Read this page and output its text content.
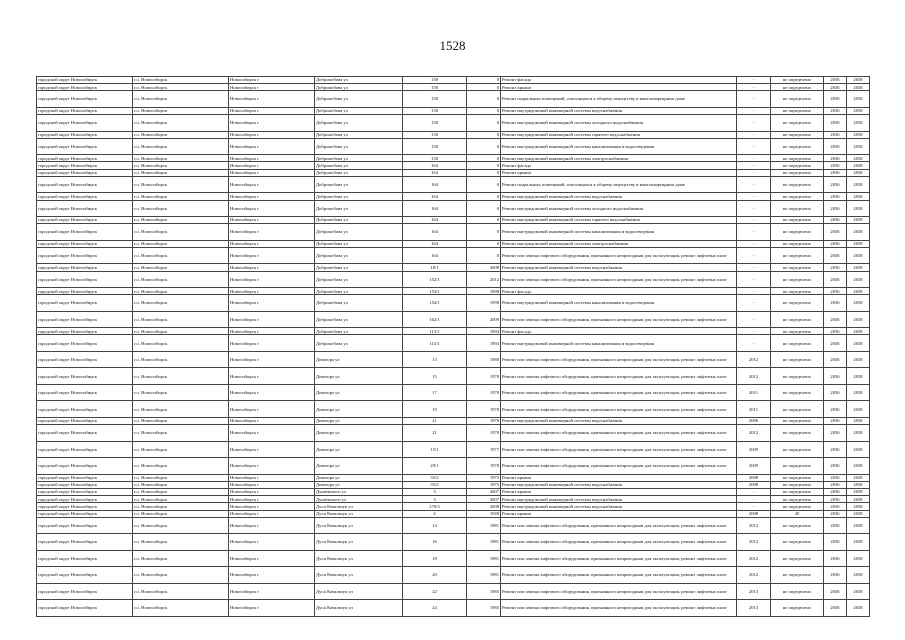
1528
городской округ Новосибирск	г.о. Новосибирск	Новосибирск г	Добромобова ул	158	0	Ремонт фасада	-	не определено	2036	2038
городской округ Новосибирск	г.о. Новосибирск	Новосибирск г	Добромобова ул	158	0	Ремонт крыши	-	не определено	2036	2038
городской округ Новосибирск	г.о. Новосибирск	Новосибирск г	Добромобова ул	158	0	Ремонт подвальных помещений, относящихся к общему имуществу в многоквартирном доме	-	не определено	2036	2038
городской округ Новосибирск	г.о. Новосибирск	Новосибирск г	Добромобова ул	158	0	Ремонт внутридомовой инженерной системы водоснабжения	-	не определено	2036	2038
городской округ Новосибирск	г.о. Новосибирск	Новосибирск г	Добромобова ул	158	0	Ремонт внутридомовой инженерной системы холодного водоснабжения	-	не определено	2036	2038
городской округ Новосибирск	г.о. Новосибирск	Новосибирск г	Добромобова ул	158	0	Ремонт внутридомовой инженерной системы горячего водоснабжения	-	не определено	2036	2038
городской округ Новосибирск	г.о. Новосибирск	Новосибирск г	Добромобова ул	158	0	Ремонт внутридомовой инженерной системы канализования и водоотведения	-	не определено	2036	2038
городской округ Новосибирск	г.о. Новосибирск	Новосибирск г	Добромобова ул	158	0	Ремонт внутридомовой инженерной системы электроснабжения	-	не определено	2036	2038
городской округ Новосибирск	г.о. Новосибирск	Новосибирск г	Добромобова ул	164	0	Ремонт фасада	-	не определено	2036	2038
городской округ Новосибирск	г.о. Новосибирск	Новосибирск г	Добромобова ул	164	0	Ремонт крыши	-	не определено	2036	2038
городской округ Новосибирск	г.о. Новосибирск	Новосибирск г	Добромобова ул	164	0	Ремонт подвальных помещений, относящихся к общему имуществу в многоквартирном доме	-	не определено	2036	2038
городской округ Новосибирск	г.о. Новосибирск	Новосибирск г	Добромобова ул	164	0	Ремонт внутридомовой инженерной системы водоснабжения	-	не определено	2036	2038
городской округ Новосибирск	г.о. Новосибирск	Новосибирск г	Добромобова ул	164	0	Ремонт внутридомовой инженерной системы холодного водоснабжения	-	не определено	2036	2038
городской округ Новосибирск	г.о. Новосибирск	Новосибирск г	Добромобова ул	164	0	Ремонт внутридомовой инженерной системы горячего водоснабжения	-	не определено	2036	2038
городской округ Новосибирск	г.о. Новосибирск	Новосибирск г	Добромобова ул	164	0	Ремонт внутридомовой инженерной системы канализования и водоотведения	-	не определено	2036	2038
городской округ Новосибирск	г.о. Новосибирск	Новосибирск г	Добромобова ул	164	0	Ремонт внутридомовой инженерной системы электроснабжения	-	не определено	2036	2038
городской округ Новосибирск	г.о. Новосибирск	Новосибирск г	Добромобова ул	164	0	Ремонт или замена лифтового оборудования, признанного непригодным для эксплуатации, ремонт лифтовых шахт	-	не определено	2036	2038
городской округ Новосибирск	г.о. Новосибирск	Новосибирск г	Добромобова ул	18/1	2008	Ремонт внутридомовой инженерной системы водоснабжения	-	не определено	2036	2038
городской округ Новосибирск	г.о. Новосибирск	Новосибирск г	Добромобова ул	152/1	2012	Ремонт или замена лифтового оборудования, признанного непригодным для эксплуатации, ремонт лифтовых шахт	-	не определено	2036	2038
городской округ Новосибирск	г.о. Новосибирск	Новосибирск г	Добромобова ул	154/1	1998	Ремонт фасада	-	не определено	2036	2038
городской округ Новосибирск	г.о. Новосибирск	Новосибирск г	Добромобова ул	154/1	1998	Ремонт внутридомовой инженерной системы канализования и водоотведения	-	не определено	2036	2038
городской округ Новосибирск	г.о. Новосибирск	Новосибирск г	Добромобова ул	162/1	2009	Ремонт или замена лифтового оборудования, признанного непригодным для эксплуатации, ремонт лифтовых шахт	-	не определено	2036	2038
городской округ Новосибирск	г.о. Новосибирск	Новосибирск г	Добромобова ул	113/1	1994	Ремонт фасада	-	не определено	2036	2038
городской округ Новосибирск	г.о. Новосибирск	Новосибирск г	Добромобова ул	113/1	1994	Ремонт внутридомовой инженерной системы канализования и водоотведения	-	не определено	2036	2038
городской округ Новосибирск	г.о. Новосибирск	Новосибирск г	Доватора ул	13	1980	Ремонт или замена лифтового оборудования, признанного непригодным для эксплуатации, ремонт лифтовых шахт	2012	не определено	2036	2038
городской округ Новосибирск	г.о. Новосибирск	Новосибирск г	Доватора ул	15	1978	Ремонт или замена лифтового оборудования, признанного непригодным для эксплуатации, ремонт лифтовых шахт	2012	не определено	2036	2038
городской округ Новосибирск	г.о. Новосибирск	Новосибирск г	Доватора ул	17	1978	Ремонт или замена лифтового оборудования, признанного непригодным для эксплуатации, ремонт лифтовых шахт	2011	не определено	2036	2038
городской округ Новосибирск	г.о. Новосибирск	Новосибирск г	Доватора ул	19	1978	Ремонт или замена лифтового оборудования, признанного непригодным для эксплуатации, ремонт лифтовых шахт	2011	не определено	2036	2038
городской округ Новосибирск	г.о. Новосибирск	Новосибирск г	Доватора ул	21	1978	Ремонт внутридомовой инженерной системы водоснабжения	2006	не определено	2036	2038
городской округ Новосибирск	г.о. Новосибирск	Новосибирск г	Доватора ул	21	1978	Ремонт или замена лифтового оборудования, признанного непригодным для эксплуатации, ремонт лифтовых шахт	2012	не определено	2036	2038
городской округ Новосибирск	г.о. Новосибирск	Новосибирск г	Доватора ул	15/1	1977	Ремонт или замена лифтового оборудования, признанного непригодным для эксплуатации, ремонт лифтовых шахт	2009	не определено	2036	2038
городской округ Новосибирск	г.о. Новосибирск	Новосибирск г	Доватора ул	29/1	1978	Ремонт или замена лифтового оборудования, признанного непригодным для эксплуатации, ремонт лифтовых шахт	2009	не определено	2036	2038
городской округ Новосибирск	г.о. Новосибирск	Новосибирск г	Доватора ул	35/2	1975	Ремонт крыши	2008	не определено	2036	2038
городской округ Новосибирск	г.о. Новосибирск	Новосибирск г	Доватора ул	35/2	1975	Ремонт внутридомовой инженерной системы водоснабжения	2008	не определено	2036	2038
городской округ Новосибирск	г.о. Новосибирск	Новосибирск г	Дунаевского ул	3	2007	Ремонт крыши	-	не определено	2036	2038
городской округ Новосибирск	г.о. Новосибирск	Новосибирск г	Дунаевского ул	3	2007	Ремонт внутридомовой инженерной системы водоснабжения	-	не определено	2036	2038
городской округ Новосибирск	г.о. Новосибирск	Новосибирск г	Дуси Ковальчук ул	276/3	2008	Ремонт внутридомовой инженерной системы водоснабжения	-	не определено	2036	2038
городской округ Новосибирск	г.о. Новосибирск	Новосибирск г	Дуси Ковальчук ул	4	1949	Ремонт крыши	2008	20	2036	2038
городской округ Новосибирск	г.о. Новосибирск	Новосибирск г	Дуси Ковальчук ул	14	1981	Ремонт или замена лифтового оборудования, признанного непригодным для эксплуатации, ремонт лифтовых шахт	2012	не определено	2036	2038
городской округ Новосибирск	г.о. Новосибирск	Новосибирск г	Дуси Ковальчук ул	16	1981	Ремонт или замена лифтового оборудования, признанного непригодным для эксплуатации, ремонт лифтовых шахт	2012	не определено	2036	2038
городской округ Новосибирск	г.о. Новосибирск	Новосибирск г	Дуси Ковальчук ул	18	1981	Ремонт или замена лифтового оборудования, признанного непригодным для эксплуатации, ремонт лифтовых шахт	2012	не определено	2036	2038
городской округ Новосибирск	г.о. Новосибирск	Новосибирск г	Дуси Ковальчук ул	20	1981	Ремонт или замена лифтового оборудования, признанного непригодным для эксплуатации, ремонт лифтовых шахт	2012	не определено	2036	2038
городской округ Новосибирск	г.о. Новосибирск	Новосибирск г	Дуси Ковальчук ул	22	1985	Ремонт или замена лифтового оборудования, признанного непригодным для эксплуатации, ремонт лифтовых шахт	2013	не определено	2036	2038
городской округ Новосибирск	г.о. Новосибирск	Новосибирск г	Дуси Ковальчук ул	24	1985	Ремонт или замена лифтового оборудования, признанного непригодным для эксплуатации, ремонт лифтовых шахт	2013	не определено	2036	2038
